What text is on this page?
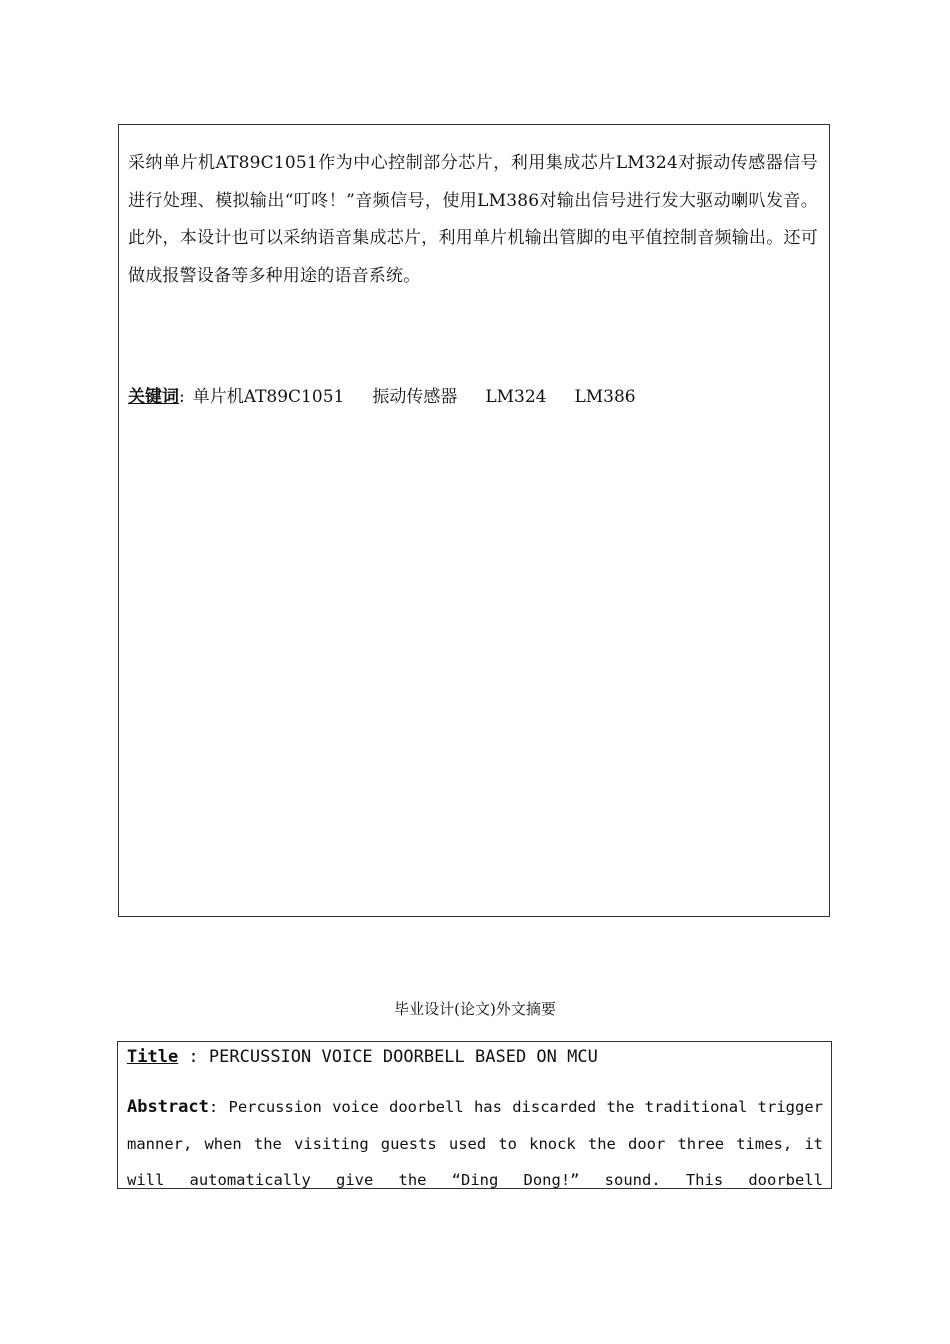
采纳单片机AT89C1051作为中心控制部分芯片，利用集成芯片LM324对振动传感器信号进行处理、模拟输出“叮咚！”音频信号，使用LM386对输出信号进行发大驱动喇叭发音。此外，本设计也可以采纳语音集成芯片，利用单片机输出管脚的电平值控制音频输出。还可做成报警设备等多种用途的语音系统。

关键词: 单片机AT89C1051 振动传感器 LM324 LM386

毕业设计(论文)外文摘要

Title : PERCUSSION VOICE DOORBELL BASED ON MCU

Abstract: Percussion voice doorbell has discarded the traditional trigger manner, when the visiting guests used to knock the door three times, it will automatically give the “Ding Dong!” sound. This doorbell
